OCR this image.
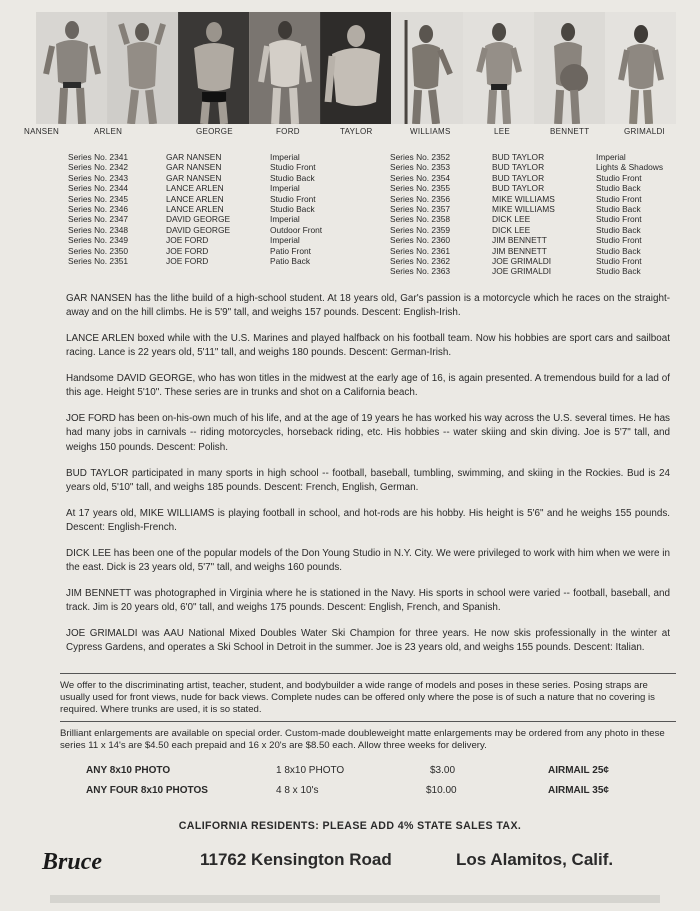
NANSEN	ARLEN	GEORGE	FORD	TAYLOR	WILLIAMS	LEE	BENNETT	GRIMALDI
Series No. 2341	GAR NANSEN	Imperial
Series No. 2342	GAR NANSEN	Studio Front
Series No. 2343	GAR NANSEN	Studio Back
Series No. 2344	LANCE ARLEN	Imperial
Series No. 2345	LANCE ARLEN	Studio Front
Series No. 2346	LANCE ARLEN	Studio Back
Series No. 2347	DAVID GEORGE	Imperial
Series No. 2348	DAVID GEORGE	Outdoor Front
Series No. 2349	JOE FORD	Imperial
Series No. 2350	JOE FORD	Patio Front
Series No. 2351	JOE FORD	Patio Back
Series No. 2352	BUD TAYLOR	Imperial
Series No. 2353	BUD TAYLOR	Lights & Shadows
Series No. 2354	BUD TAYLOR	Studio Front
Series No. 2355	BUD TAYLOR	Studio Back
Series No. 2356	MIKE WILLIAMS	Studio Front
Series No. 2357	MIKE WILLIAMS	Studio Back
Series No. 2358	DICK LEE	Studio Front
Series No. 2359	DICK LEE	Studio Back
Series No. 2360	JIM BENNETT	Studio Front
Series No. 2361	JIM BENNETT	Studio Back
Series No. 2362	JOE GRIMALDI	Studio Front
Series No. 2363	JOE GRIMALDI	Studio Back

GAR NANSEN has the lithe build of a high-school student. At 18 years old, Gar's passion is a motorcycle which he races on the straight-away and on the hill climbs. He is 5'9" tall, and weighs 157 pounds. Descent: English-Irish.

LANCE ARLEN boxed while with the U.S. Marines and played halfback on his football team. Now his hobbies are sport cars and sailboat racing. Lance is 22 years old, 5'11" tall, and weighs 180 pounds. Descent: German-Irish.

Handsome DAVID GEORGE, who has won titles in the midwest at the early age of 16, is again presented. A tremendous build for a lad of this age. Height 5'10". These series are in trunks and shot on a California beach.

JOE FORD has been on-his-own much of his life, and at the age of 19 years he has worked his way across the U.S. several times. He has had many jobs in carnivals -- riding motorcycles, horseback riding, etc. His hobbies -- water skiing and skin diving. Joe is 5'7" tall, and weighs 150 pounds. Descent: Polish.

BUD TAYLOR participated in many sports in high school -- football, baseball, tumbling, swimming, and skiing in the Rockies. Bud is 24 years old, 5'10" tall, and weighs 185 pounds. Descent: French, English, German.

At 17 years old, MIKE WILLIAMS is playing football in school, and hot-rods are his hobby. His height is 5'6" and he weighs 155 pounds. Descent: English-French.

DICK LEE has been one of the popular models of the Don Young Studio in N.Y. City. We were privileged to work with him when we were in the east. Dick is 23 years old, 5'7" tall, and weighs 160 pounds.

JIM BENNETT was photographed in Virginia where he is stationed in the Navy. His sports in school were varied -- football, baseball, and track. Jim is 20 years old, 6'0" tall, and weighs 175 pounds. Descent: English, French, and Spanish.

JOE GRIMALDI was AAU National Mixed Doubles Water Ski Champion for three years. He now skis professionally in the winter at Cypress Gardens, and operates a Ski School in Detroit in the summer. Joe is 23 years old, and weighs 155 pounds. Descent: Italian.

We offer to the discriminating artist, teacher, student, and bodybuilder a wide range of models and poses in these series. Posing straps are usually used for front views, nude for back views. Complete nudes can be offered only where the pose is of such a nature that no covering is required. Where trunks are used, it is so stated.
Brilliant enlargements are available on special order. Custom-made doubleweight matte enlargements may be ordered from any photo in these series 11 x 14's are $4.50 each prepaid and 16 x 20's are $8.50 each. Allow three weeks for delivery.
ANY 8x10 PHOTO	1 8x10 PHOTO	$3.00	AIRMAIL 25¢
ANY FOUR 8x10 PHOTOS	4 8 x 10's	$10.00	AIRMAIL 35¢
CALIFORNIA RESIDENTS: PLEASE ADD 4% STATE SALES TAX.
Bruce	11762 Kensington Road	Los Alamitos, Calif.
